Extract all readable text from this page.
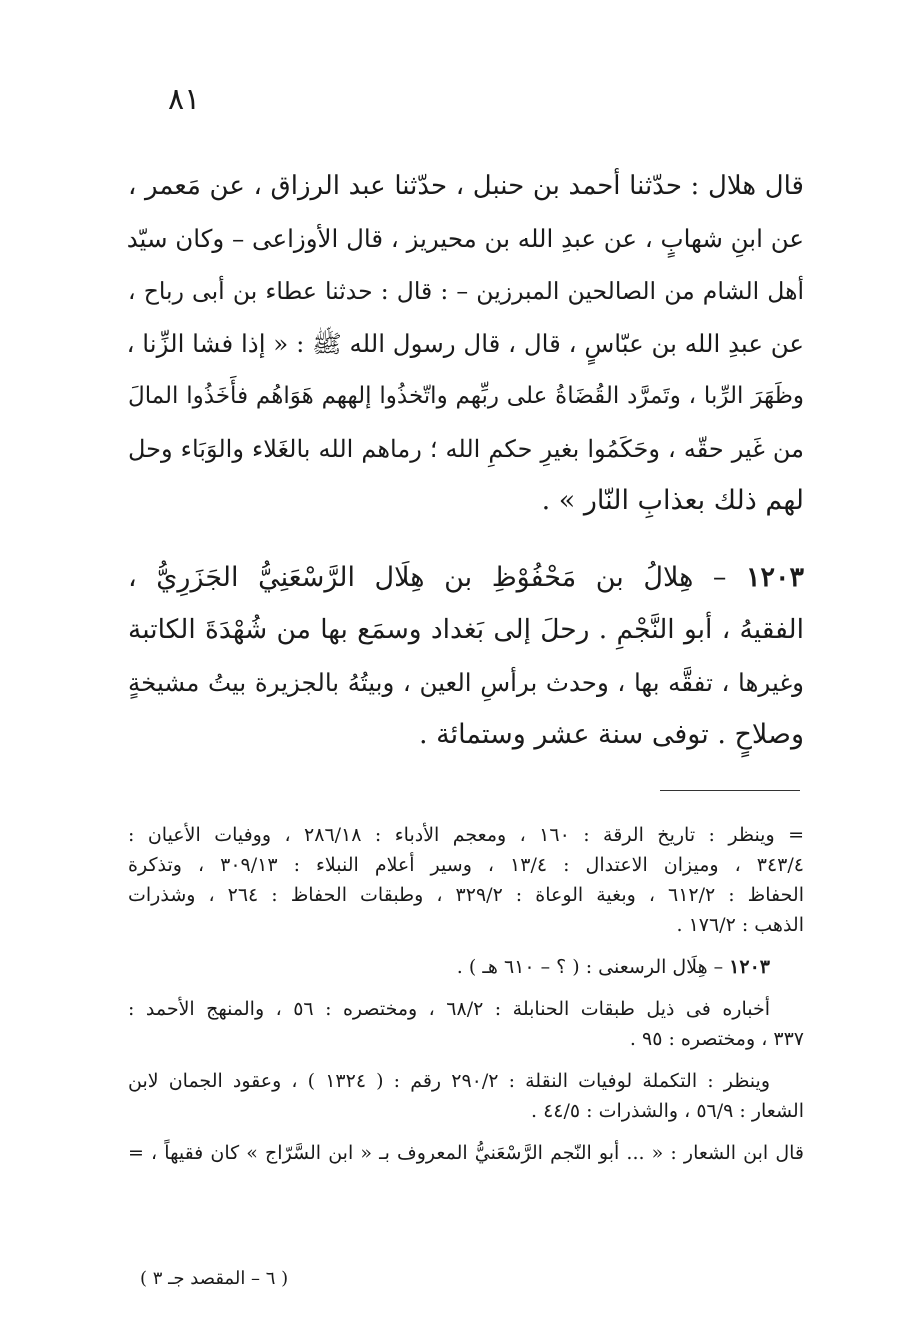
٨١
قال هلال : حدّثنا أحمد بن حنبل ، حدّثنا عبد الرزاق ، عن مَعمر ،
عن ابنِ شهابٍ ، عن عبدِ الله بن محيريز ، قال الأوزاعى – وكان سيّد
أهل الشام من الصالحين المبرزين – : قال : حدثنا عطاء بن أبى رباح ،
عن عبدِ الله بن عبّاسٍ ، قال ، قال رسول الله ﷺ : « إذا فشا الزِّنا ،
وظَهَرَ الرِّبا ، وتَمرَّد القُضَاةُ على ربِّهم واتّخذُوا إلههم هَوَاهُم فأَخَذُوا المالَ
من غَير حقّه ، وحَكَمُوا بغيرِ حكمِ الله ؛ رماهم الله بالغَلاء والوَبَاء وحل
لهم ذلك بعذابِ النّار » .
١٢٠٣ – هِلالُ بن مَحْفُوْظِ بن هِلَال الرَّسْعَنِيُّ الجَزَرِيُّ ،
الفقيهُ ، أبو النَّجْمِ . رحلَ إلى بَغداد وسمَع بها من شُهْدَةَ الكاتبة
وغيرها ، تفقَّه بها ، وحدث برأسِ العين ، وبيتُهُ بالجزيرة بيتُ مشيخةٍ
وصلاحٍ . توفى سنة عشر وستمائة .
= وينظر : تاريخ الرقة : ١٦٠ ، ومعجم الأدباء : ٢٨٦/١٨ ، ووفيات الأعيان :
٣٤٣/٤ ، وميزان الاعتدال : ١٣/٤ ، وسير أعلام النبلاء : ٣٠٩/١٣ ، وتذكرة
الحفاظ : ٦١٢/٢ ، وبغية الوعاة : ٣٢٩/٢ ، وطبقات الحفاظ : ٢٦٤ ، وشذرات
الذهب : ١٧٦/٢ .
١٢٠٣ – هِلَال الرسعنى : ( ؟ – ٦١٠ هـ ) .
أخباره فى ذيل طبقات الحنابلة : ٦٨/٢ ، ومختصره : ٥٦ ، والمنهج الأحمد :
٣٣٧ ، ومختصره : ٩٥ .
وينظر : التكملة لوفيات النقلة : ٢٩٠/٢ رقم : ( ١٣٢٤ ) ، وعقود الجمان لابن
الشعار : ٥٦/٩ ، والشذرات : ٤٤/٥ .
قال ابن الشعار : « ... أبو النّجم الرَّسْعَنيُّ المعروف بـ « ابن السَّرّاج » كان فقيهاً ، =
( ٦ – المقصد جـ ٣ )
